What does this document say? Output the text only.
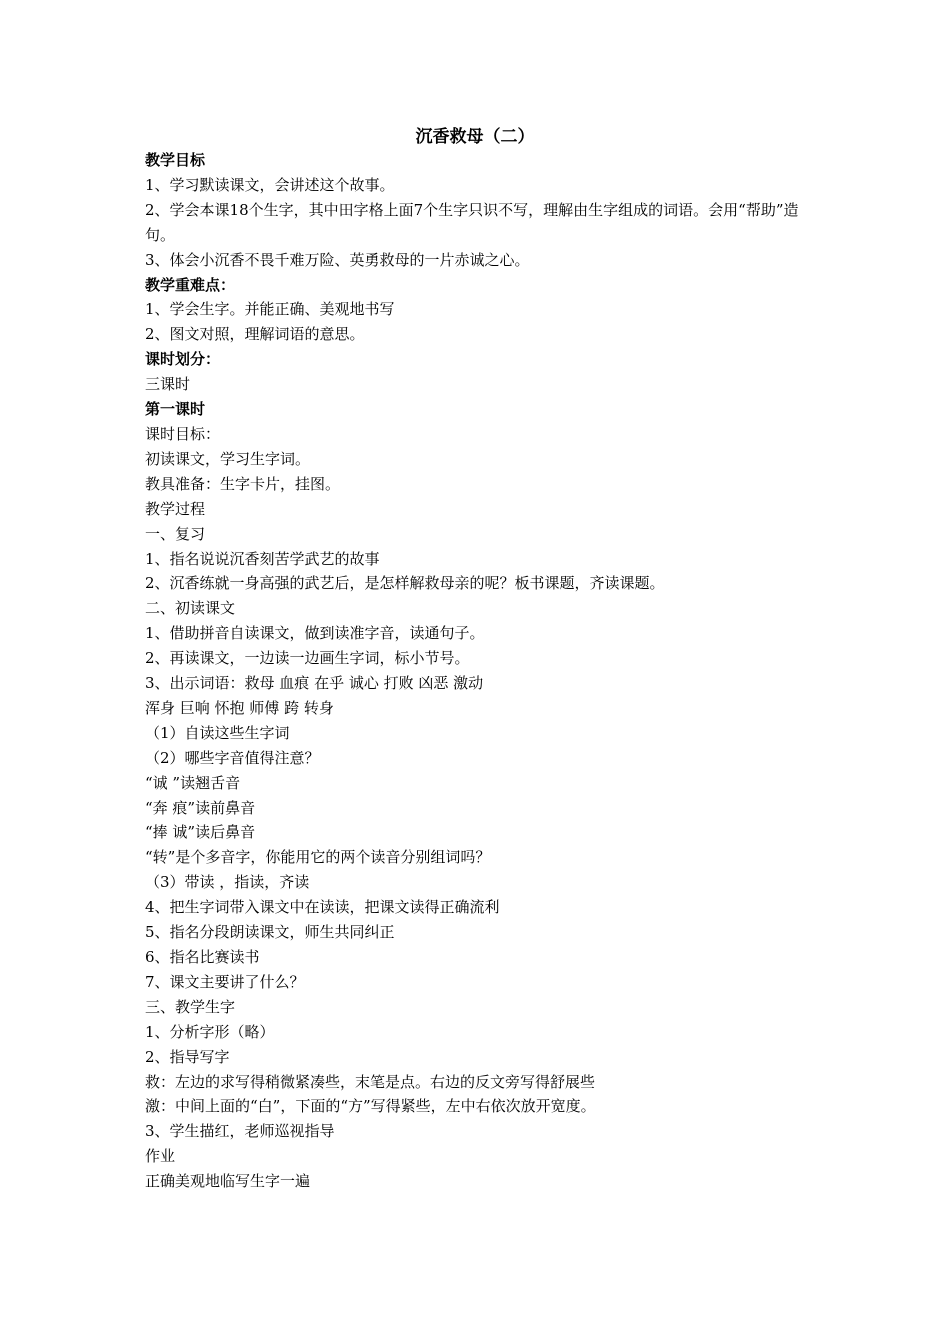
沉香救母（二）
教学目标
1、学习默读课文，会讲述这个故事。
2、学会本课18个生字，其中田字格上面7个生字只识不写，理解由生字组成的词语。会用“帮助”造句。
3、体会小沉香不畏千难万险、英勇救母的一片赤诚之心。
教学重难点：
1、学会生字。并能正确、美观地书写
2、图文对照，理解词语的意思。
课时划分：
三课时
第一课时
课时目标：
初读课文，学习生字词。
教具准备：生字卡片，挂图。
教学过程
一、复习
1、指名说说沉香刻苦学武艺的故事
2、沉香练就一身高强的武艺后，是怎样解救母亲的呢？板书课题，齐读课题。
二、初读课文
1、借助拼音自读课文，做到读准字音，读通句子。
2、再读课文，一边读一边画生字词，标小节号。
3、出示词语：救母 血痕 在乎 诚心 打败 凶恶 激动
浑身 巨响 怀抱 师傅 跨 转身
（1）自读这些生字词
（2）哪些字音值得注意？
“诚 ”读翘舌音
“奔 痕”读前鼻音
“捧 诚”读后鼻音
“转”是个多音字，你能用它的两个读音分别组词吗？
（3）带读 ，指读，齐读
4、把生字词带入课文中在读读，把课文读得正确流利
5、指名分段朗读课文，师生共同纠正
6、指名比赛读书
7、课文主要讲了什么？
三、教学生字
1、分析字形（略）
2、指导写字
救：左边的求写得稍微紧凑些，末笔是点。右边的反文旁写得舒展些
激：中间上面的“白”，下面的“方”写得紧些，左中右依次放开宽度。
3、学生描红，老师巡视指导
作业
正确美观地临写生字一遍
